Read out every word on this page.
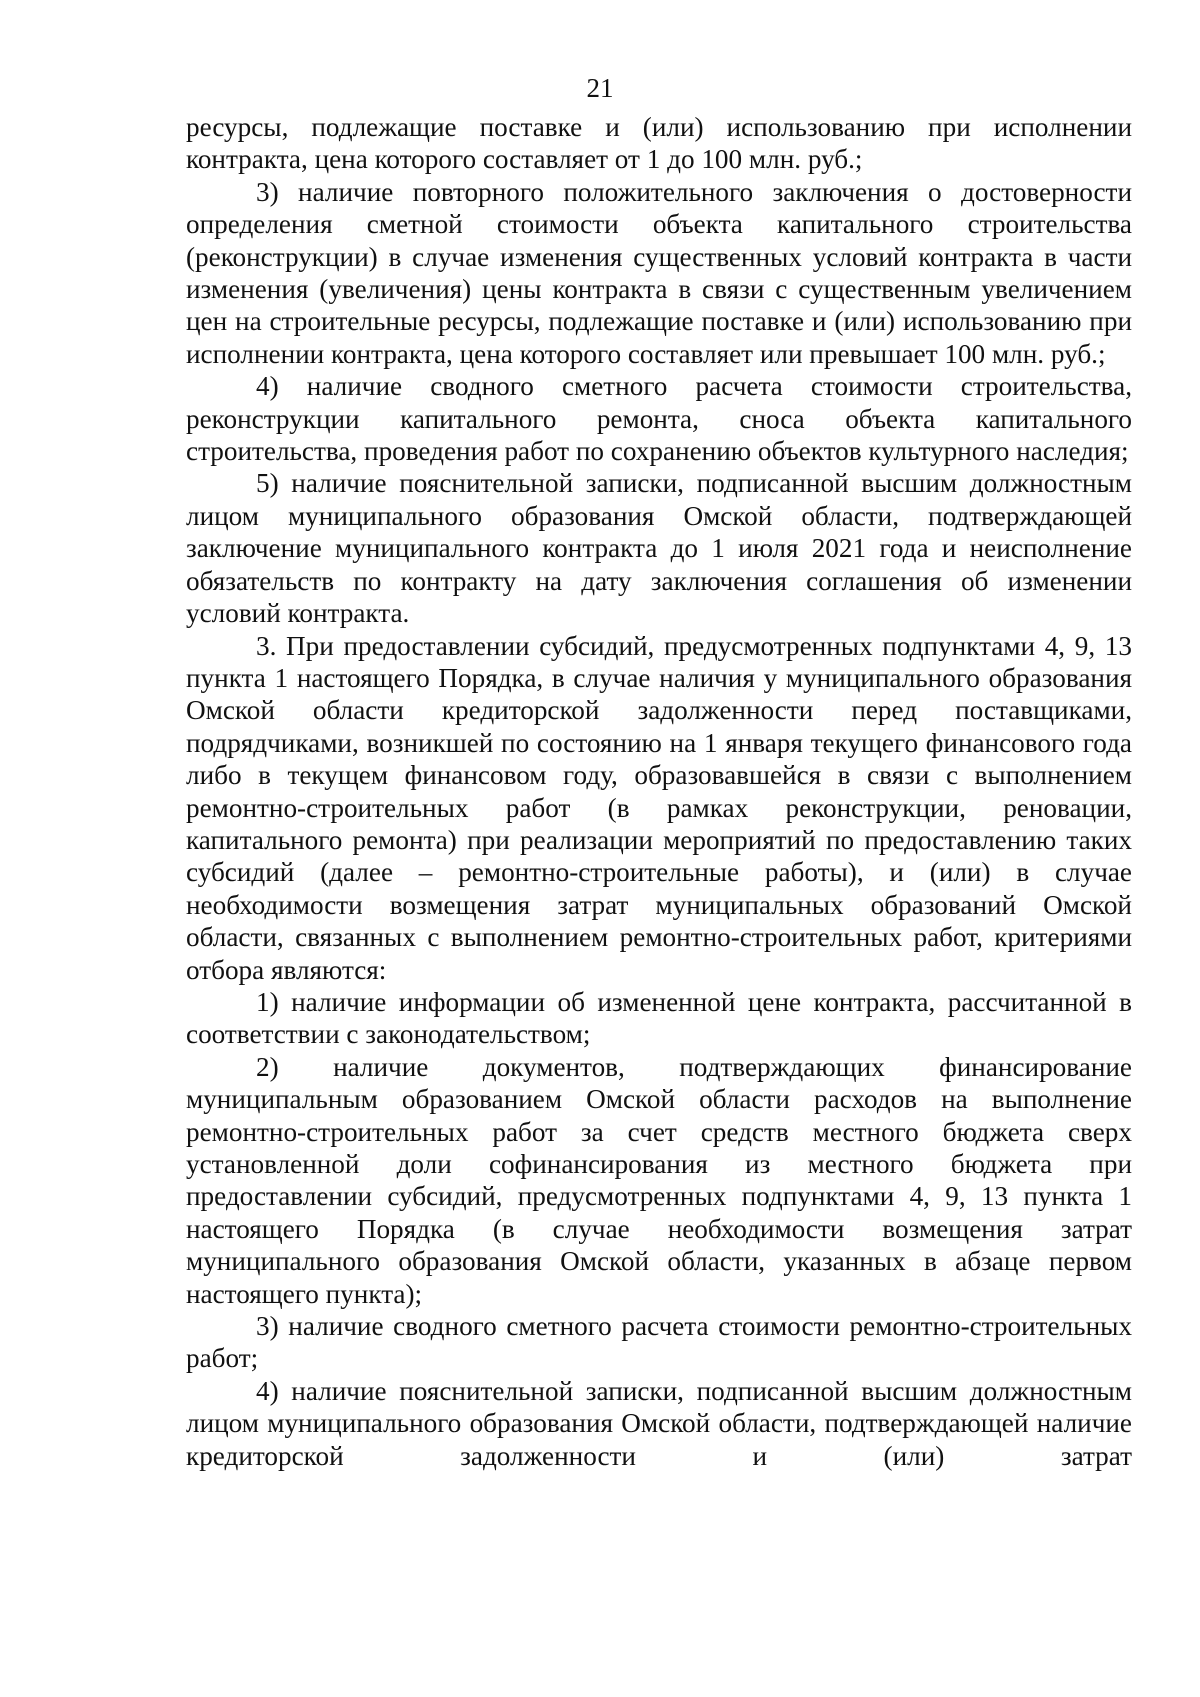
21

ресурсы, подлежащие поставке и (или) использованию при исполнении контракта, цена которого составляет от 1 до 100 млн. руб.;

3) наличие повторного положительного заключения о достоверности определения сметной стоимости объекта капитального строительства (реконструкции) в случае изменения существенных условий контракта в части изменения (увеличения) цены контракта в связи с существенным увеличением цен на строительные ресурсы, подлежащие поставке и (или) использованию при исполнении контракта, цена которого составляет или превышает 100 млн. руб.;

4) наличие сводного сметного расчета стоимости строительства, реконструкции капитального ремонта, сноса объекта капитального строительства, проведения работ по сохранению объектов культурного наследия;

5) наличие пояснительной записки, подписанной высшим должностным лицом муниципального образования Омской области, подтверждающей заключение муниципального контракта до 1 июля 2021 года и неисполнение обязательств по контракту на дату заключения соглашения об изменении условий контракта.

3. При предоставлении субсидий, предусмотренных подпунктами 4, 9, 13 пункта 1 настоящего Порядка, в случае наличия у муниципального образования Омской области кредиторской задолженности перед поставщиками, подрядчиками, возникшей по состоянию на 1 января текущего финансового года либо в текущем финансовом году, образовавшейся в связи с выполнением ремонтно-строительных работ (в рамках реконструкции, реновации, капитального ремонта) при реализации мероприятий по предоставлению таких субсидий (далее – ремонтно-строительные работы), и (или) в случае необходимости возмещения затрат муниципальных образований Омской области, связанных с выполнением ремонтно-строительных работ, критериями отбора являются:

1) наличие информации об измененной цене контракта, рассчитанной в соответствии с законодательством;

2) наличие документов, подтверждающих финансирование муниципальным образованием Омской области расходов на выполнение ремонтно-строительных работ за счет средств местного бюджета сверх установленной доли софинансирования из местного бюджета при предоставлении субсидий, предусмотренных подпунктами 4, 9, 13 пункта 1 настоящего Порядка (в случае необходимости возмещения затрат муниципального образования Омской области, указанных в абзаце первом настоящего пункта);

3) наличие сводного сметного расчета стоимости ремонтно-строительных работ;

4) наличие пояснительной записки, подписанной высшим должностным лицом муниципального образования Омской области, подтверждающей наличие кредиторской задолженности и (или) затрат
